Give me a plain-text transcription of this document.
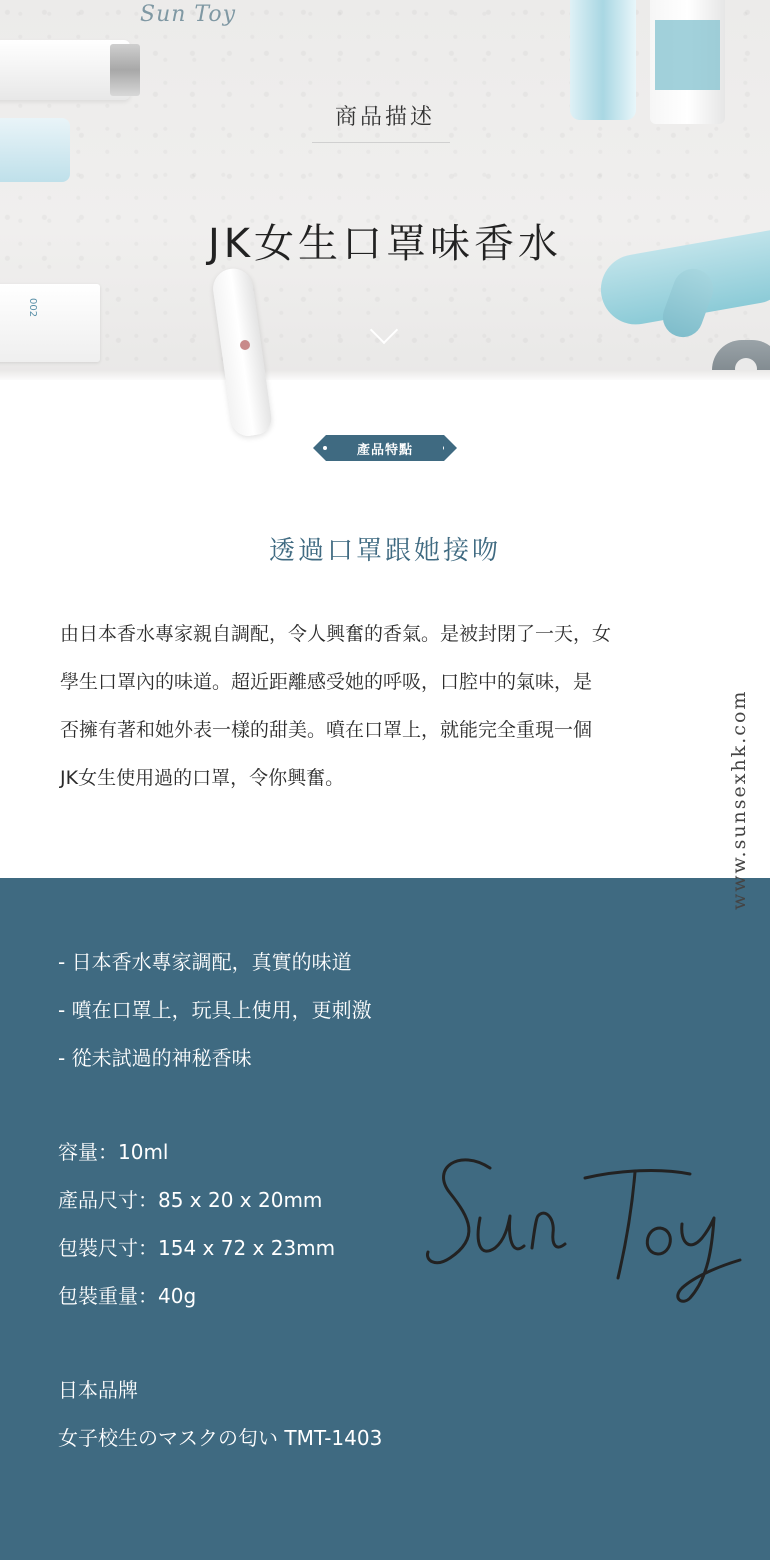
002
Sun Toy
商品描述
JK女生口罩味香水
產品特點
透過口罩跟她接吻
由日本香水專家親自調配，令人興奮的香氣。是被封閉了一天，女
學生口罩內的味道。超近距離感受她的呼吸，口腔中的氣味，是
否擁有著和她外表一樣的甜美。噴在口罩上，就能完全重現一個
JK女生使用過的口罩，令你興奮。
- 日本香水專家調配，真實的味道
- 噴在口罩上，玩具上使用，更刺激
- 從未試過的神秘香味
容量：10ml
產品尺寸：85 x 20 x 20mm
包裝尺寸：154 x 72 x 23mm
包裝重量：40g
日本品牌
女子校生のマスクの匂い TMT-1403
www.sunsexhk.com
